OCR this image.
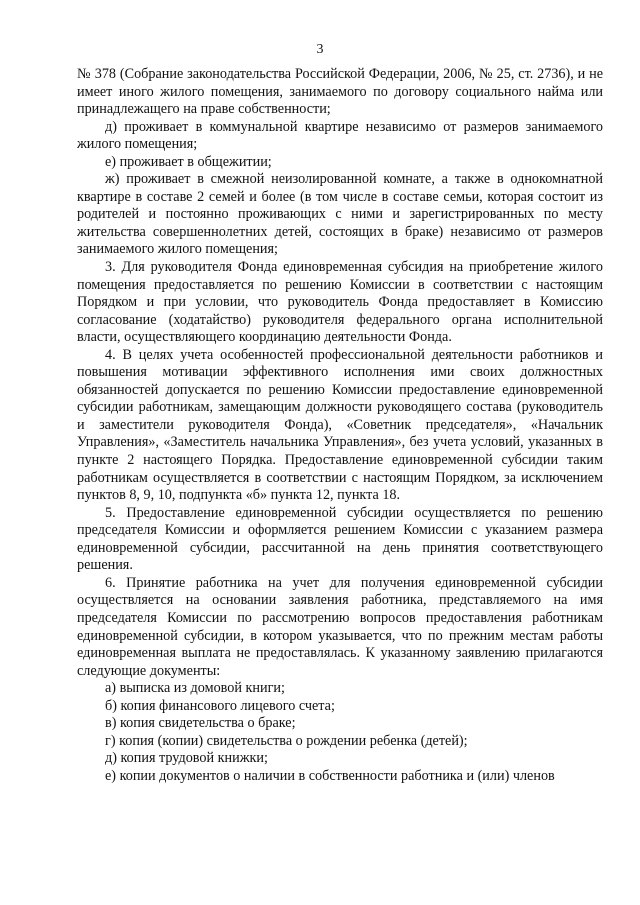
3

№ 378 (Собрание законодательства Российской Федерации, 2006, № 25, ст. 2736), и не имеет иного жилого помещения, занимаемого по договору социального найма или принадлежащего на праве собственности;

д) проживает в коммунальной квартире независимо от размеров занимаемого жилого помещения;

е) проживает в общежитии;

ж) проживает в смежной неизолированной комнате, а также в однокомнатной квартире в составе 2 семей и более (в том числе в составе семьи, которая состоит из родителей и постоянно проживающих с ними и зарегистрированных по месту жительства совершеннолетних детей, состоящих в браке) независимо от размеров занимаемого жилого помещения;

3. Для руководителя Фонда единовременная субсидия на приобретение жилого помещения предоставляется по решению Комиссии в соответствии с настоящим Порядком и при условии, что руководитель Фонда предоставляет в Комиссию согласование (ходатайство) руководителя федерального органа исполнительной власти, осуществляющего координацию деятельности Фонда.

4. В целях учета особенностей профессиональной деятельности работников и повышения мотивации эффективного исполнения ими своих должностных обязанностей допускается по решению Комиссии предоставление единовременной субсидии работникам, замещающим должности руководящего состава (руководитель и заместители руководителя Фонда), «Советник председателя», «Начальник Управления», «Заместитель начальника Управления», без учета условий, указанных в пункте 2 настоящего Порядка. Предоставление единовременной субсидии таким работникам осуществляется в соответствии с настоящим Порядком, за исключением пунктов 8, 9, 10, подпункта «б» пункта 12, пункта 18.

5. Предоставление единовременной субсидии осуществляется по решению председателя Комиссии и оформляется решением Комиссии с указанием размера единовременной субсидии, рассчитанной на день принятия соответствующего решения.

6. Принятие работника на учет для получения единовременной субсидии осуществляется на основании заявления работника, представляемого на имя председателя Комиссии по рассмотрению вопросов предоставления работникам единовременной субсидии, в котором указывается, что по прежним местам работы единовременная выплата не предоставлялась. К указанному заявлению прилагаются следующие документы:

а) выписка из домовой книги;

б) копия финансового лицевого счета;

в) копия свидетельства о браке;

г) копия (копии) свидетельства о рождении ребенка (детей);

д) копия трудовой книжки;

е) копии документов о наличии в собственности работника и (или) членов
